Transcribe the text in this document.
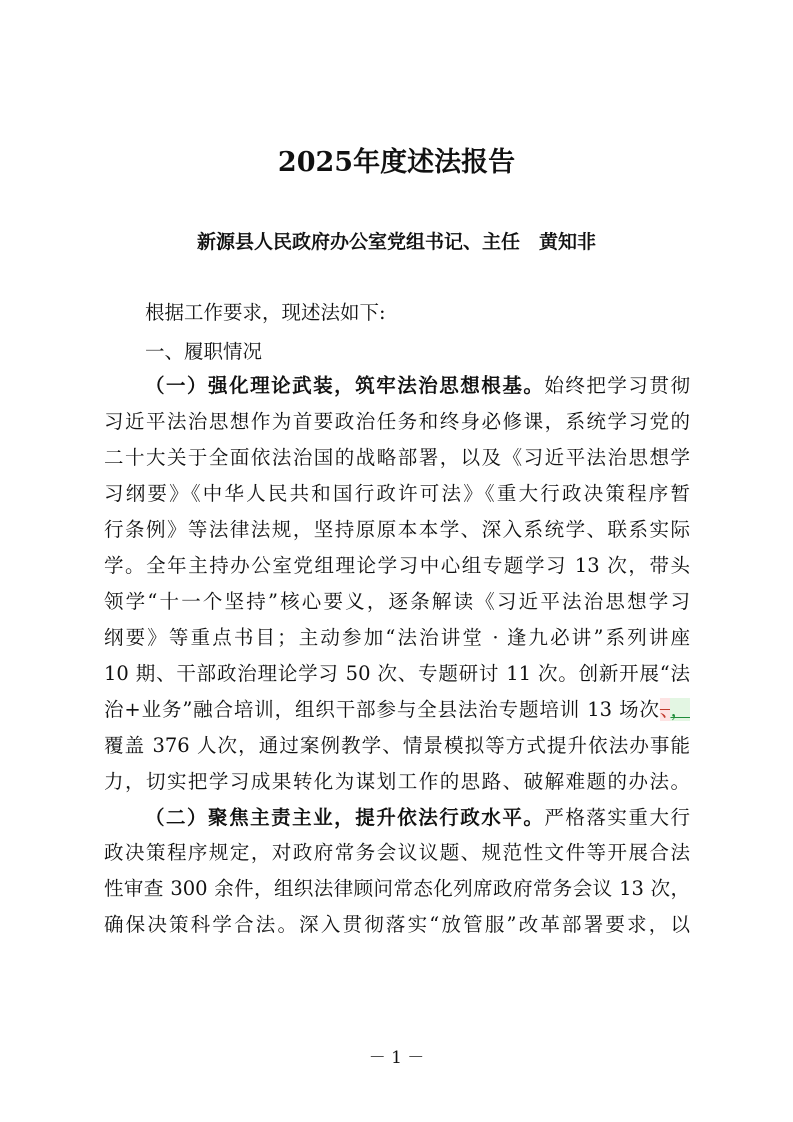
2025年度述法报告
新源县人民政府办公室党组书记、主任　黄知非
根据工作要求，现述法如下:
一、履职情况
（一）强化理论武装，筑牢法治思想根基。始终把学习贯彻
习近平法治思想作为首要政治任务和终身必修课，系统学习党的
二十大关于全面依法治国的战略部署，以及《习近平法治思想学
习纲要》《中华人民共和国行政许可法》《重大行政决策程序暂
行条例》等法律法规，坚持原原本本学、深入系统学、联系实际
学。全年主持办公室党组理论学习中心组专题学习 13 次，带头
领学“十一个坚持”核心要义，逐条解读《习近平法治思想学习
纲要》等重点书目；主动参加“法治讲堂 · 逢九必讲”系列讲座
10 期、干部政治理论学习 50 次、专题研讨 11 次。创新开展“法
治+业务”融合培训，组织干部参与全县法治专题培训 13 场次、，
覆盖 376 人次，通过案例教学、情景模拟等方式提升依法办事能
力，切实把学习成果转化为谋划工作的思路、破解难题的办法。
（二）聚焦主责主业，提升依法行政水平。严格落实重大行
政决策程序规定，对政府常务会议议题、规范性文件等开展合法
性审查 300 余件，组织法律顾问常态化列席政府常务会议 13 次，
确保决策科学合法。深入贯彻落实“放管服”改革部署要求，以
－ 1 －
